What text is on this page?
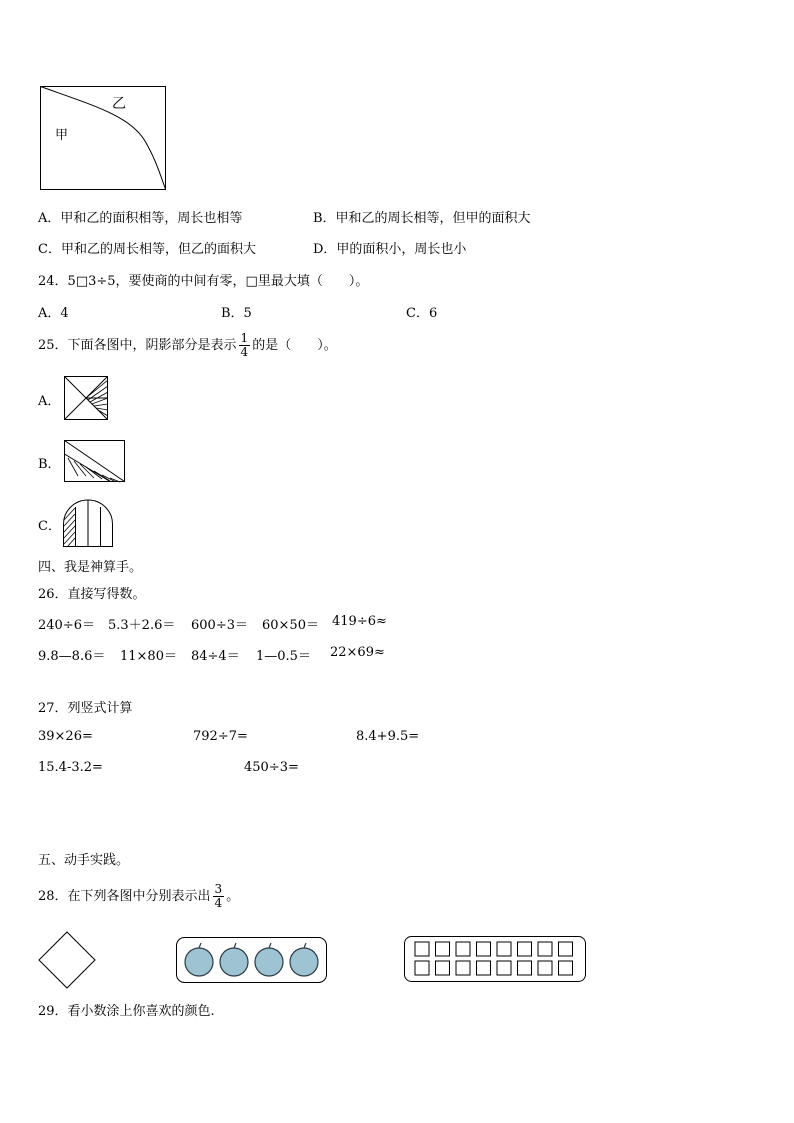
乙
甲
A．甲和乙的面积相等，周长也相等	B．甲和乙的周长相等，但甲的面积大
C．甲和乙的周长相等，但乙的面积大	D．甲的面积小，周长也小
24．5□3÷5，要使商的中间有零，□里最大填（　　）。
A．4	B．5	C．6
25．下面各图中，阴影部分是表示 $\frac{1}{4}$ 的是（　　）。
A．
B．
C．
四、我是神算手。
26．直接写得数。
240÷6＝ 5.3＋2.6＝ 600÷3＝ 60×50＝ 419÷6≈
9.8—8.6＝ 11×80＝ 84÷4＝ 1—0.5＝ 22×69≈
27．列竖式计算
39×26=	792÷7=	8.4+9.5=
15.4-3.2=	450÷3=
五、动手实践。
28．在下列各图中分别表示出 $\frac{3}{4}$ 。
29．看小数涂上你喜欢的颜色.
